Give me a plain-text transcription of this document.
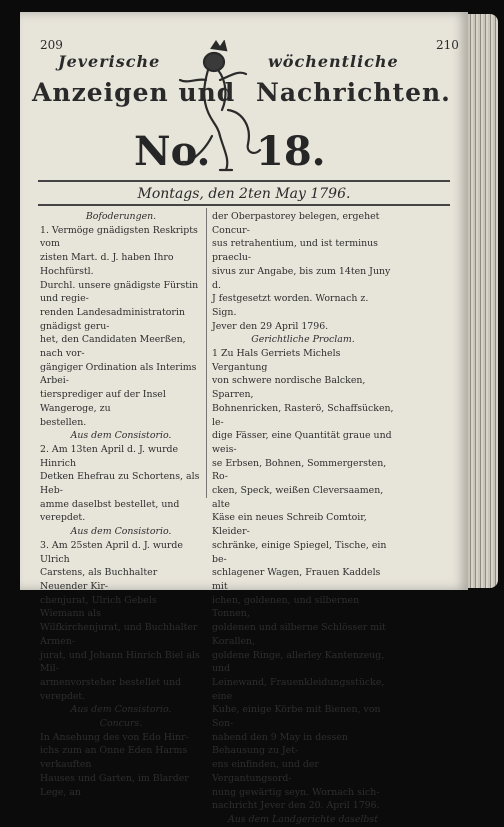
209	210
Jeverische	wöchentliche
Anzeigen und Nachrichten.
No. 18.
Montags, den 2ten May 1796.

Bofoderungen.

1. Vermöge gnädigsten Reskripts vom

zisten Mart. d. J. haben Ihro Hochfürstl.

Durchl. unsere gnädigste Fürstin und regie-

renden Landesadministratorin gnädigst geru-

het, den Candidaten Meerßen, nach vor-

gängiger Ordination als Interims Arbei-

tiersprediger auf der Insel Wangeroge, zu

bestellen.

Aus dem Consistorio.

2. Am 13ten April d. J. wurde Hinrich

Detken Ehefrau zu Schortens, als Heb-

amme daselbst bestellet, und verepdet.

Aus dem Consistorio.

3. Am 25sten April d. J. wurde Ulrich

Carstens, als Buchhalter Neuender Kir-

chenjurat, Ulrich Gebels Wiemann als

Wilfkirchenjurat, und Buchhalter Armen-

jurat, und Johann Hinrich Biel als Mil-

armenvorsteher bestellet und verepdet.

Aus dem Consistorio.

Concurs.

In Ansehung des von Edo Hinr-

ichs zum an Onne Eden Harms verkauften

Hauses und Garten, im Blarder Lege, an

der Oberpastorey belegen, ergehet Concur-

sus retrahentium, und ist terminus praeclu-

sivus zur Angabe, bis zum 14ten Juny d.

J festgesetzt worden. Wornach z. Sign.

Jever den 29 April 1796.

Gerichtliche Proclam.

1 Zu Hals Gerriets Michels Vergantung

von schwere nordische Balcken, Sparren,

Bohnenricken, Rasterö, Schaffsücken, le-

dige Fässer, eine Quantität graue und weis-

se Erbsen, Bohnen, Sommergersten, Ro-

cken, Speck, weißen Cleversaamen, alte

Käse ein neues Schreib Comtoir, Kleider-

schränke, einige Spiegel, Tische, ein be-

schlagener Wagen, Frauen Kaddels mit

ichen, goldenen, und silbernen Tonnen,

goldenen und silberne Schlösser mit Korallen,

goldene Ringe, allerley Kantenzeug, und

Leinewand, Frauenkleidungsstücke, eine

Kuhe, einige Körbe mit Bienen, von Son-

nabend den 9 May in dessen Behausung zu Jet-

ens einfinden, und der Vergantungsord-

nung gewärtig seyn. Wornach sich-

nachricht Jever den 20. April 1796.

Aus dem Landgerichte daselbst
